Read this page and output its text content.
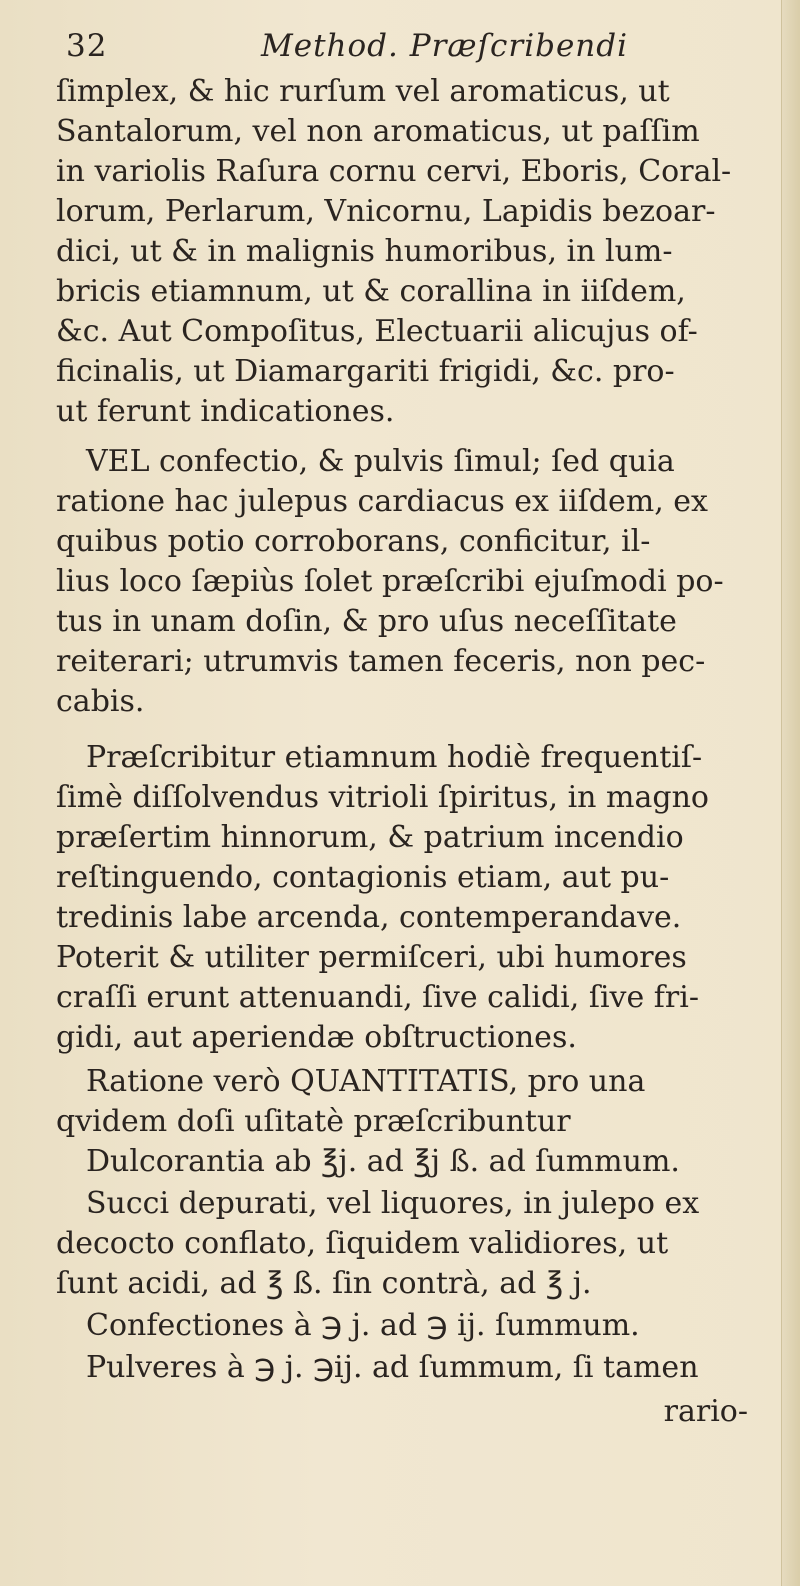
32	Method. Præſcribendi
ſimplex, & hic rurſum vel aromaticus, ut
Santalorum, vel non aromaticus, ut paſſim
in variolis Raſura cornu cervi, Eboris, Coral-
lorum, Perlarum, Vnicornu, Lapidis bezoar-
dici, ut & in malignis humoribus, in lum-
bricis etiamnum, ut & corallina in iiſdem,
&c. Aut Compoſitus, Electuarii alicujus of-
ficinalis, ut Diamargariti frigidi, &c. pro-
ut ferunt indicationes.
VEL confectio, & pulvis ſimul; ſed quia
ratione hac julepus cardiacus ex iiſdem, ex
quibus potio corroborans, conficitur, il-
lius loco ſæpiùs ſolet præſcribi ejuſmodi po-
tus in unam doſin, & pro uſus neceſſitate
reiterari; utrumvis tamen feceris, non pec-
cabis.
Præſcribitur etiamnum hodiè frequentiſ-
ſimè diſſolvendus vitrioli ſpiritus, in magno
præſertim hinnorum, & patrium incendio
reſtinguendo, contagionis etiam, aut pu-
tredinis labe arcenda, contemperandave.
Poterit & utiliter permiſceri, ubi humores
craſſi erunt attenuandi, ſive calidi, ſive fri-
gidi, aut aperiendæ obſtructiones.
Ratione verò QUANTITATIS, pro una
qvidem doſi uſitatè præſcribuntur
Dulcorantia ab ℥j. ad ℥j ß. ad ſummum.
Succi depurati, vel liquores, in julepo ex
decocto conflato, ſiquidem validiores, ut
ſunt acidi, ad ℥ ß. ſin contrà, ad ℥ j.
Confectiones à ℈ j. ad ℈ ij. ſummum.
Pulveres à ℈ j. ℈ij. ad ſummum, ſi tamen
rario-
